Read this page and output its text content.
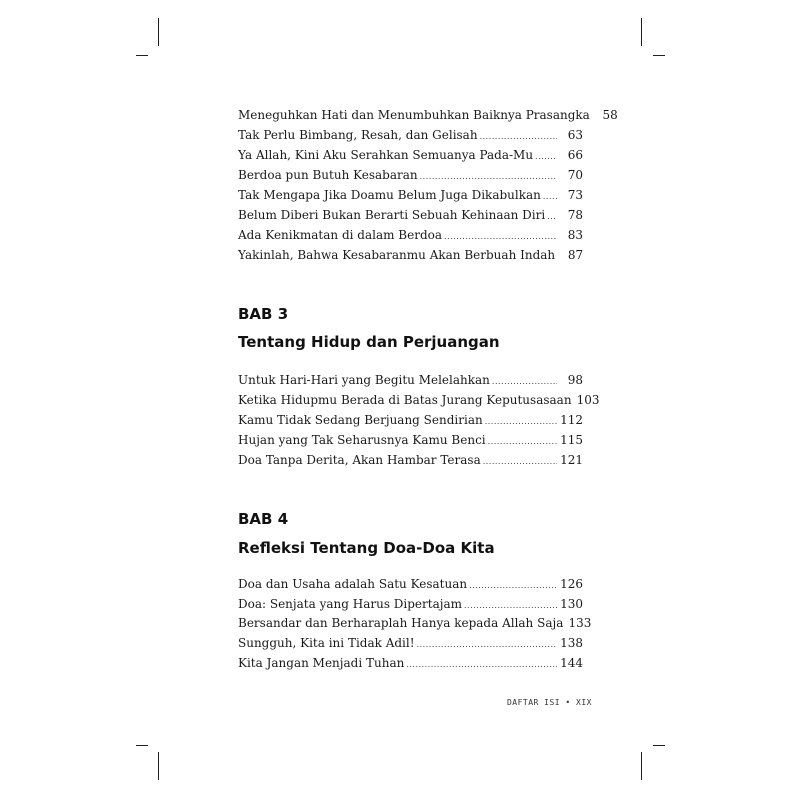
Meneguhkan Hati dan Menumbuhkan Baiknya Prasangka	58
Tak Perlu Bimbang, Resah, dan Gelisah .....	63
Ya Allah, Kini Aku Serahkan Semuanya Pada-Mu .....	66
Berdoa pun Butuh Kesabaran .....	70
Tak Mengapa Jika Doamu Belum Juga Dikabulkan .....	73
Belum Diberi Bukan Berarti Sebuah Kehinaan Diri .....	78
Ada Kenikmatan di dalam Berdoa .....	83
Yakinlah, Bahwa Kesabaranmu Akan Berbuah Indah	87
BAB 3
Tentang Hidup dan Perjuangan
Untuk Hari-Hari yang Begitu Melelahkan .....	98
Ketika Hidupmu Berada di Batas Jurang Keputusasaan 103
Kamu Tidak Sedang Berjuang Sendirian .....	112
Hujan yang Tak Seharusnya Kamu Benci .....	115
Doa Tanpa Derita, Akan Hambar Terasa .....	121
BAB 4
Refleksi Tentang Doa-Doa Kita
Doa dan Usaha adalah Satu Kesatuan .....	126
Doa: Senjata yang Harus Dipertajam .....	130
Bersandar dan Berharaplah Hanya kepada Allah Saja 133
Sungguh, Kita ini Tidak Adil! .....	138
Kita Jangan Menjadi Tuhan .....	144
DAFTAR ISI • XIX
